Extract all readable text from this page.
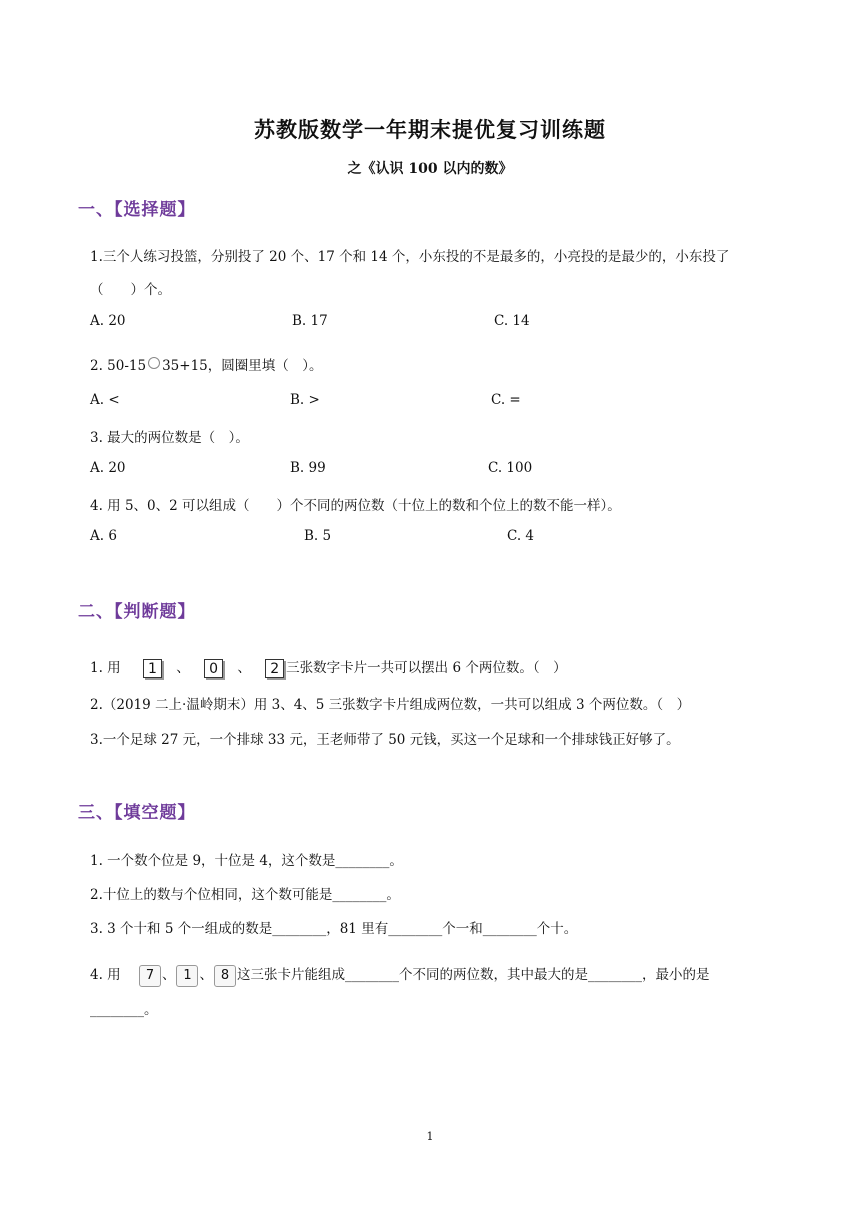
苏教版数学一年期末提优复习训练题
之《认识 100 以内的数》
一、【选择题】
1.三个人练习投篮，分别投了 20 个、17 个和 14 个，小东投的不是最多的，小亮投的是最少的，小东投了
（　　）个。
A. 20	B. 17	C. 14
2. 50-15 35+15，圆圈里填（　）。
A. <	B. >	C. =
3. 最大的两位数是（　）。
A. 20	B. 99	C. 100
4. 用 5、0、2 可以组成（　　）个不同的两位数（十位上的数和个位上的数不能一样）。
A. 6	B. 5	C. 4
二、【判断题】
1. 用 1 、 0 、 2 三张数字卡片一共可以摆出 6 个两位数。（　）
2.（2019 二上·温岭期末）用 3、4、5 三张数字卡片组成两位数，一共可以组成 3 个两位数。（　）
3.一个足球 27 元，一个排球 33 元，王老师带了 50 元钱，买这一个足球和一个排球钱正好够了。
三、【填空题】
1. 一个数个位是 9，十位是 4，这个数是________。
2.十位上的数与个位相同，这个数可能是________。
3. 3 个十和 5 个一组成的数是________，81 里有________个一和________个十。
4. 用 7 、 1 、 8 这三张卡片能组成________个不同的两位数，其中最大的是________，最小的是
________。
1
